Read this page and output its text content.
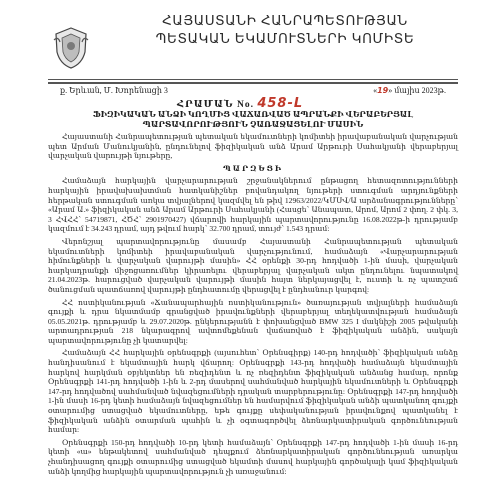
ՀԱՅԱՍՏԱՆԻ ՀԱՆՐԱՊԵՏՈՒԹՅԱՆ
ՊԵՏԱԿԱՆ ԵԿԱՄՈՒՏՆԵՐԻ ԿՈՄԻՏԵ
ք. Երևան, Մ. Խորենացի 3	«19» մայիս 2023թ.
ՀՐԱՄԱՆ No. 458-Լ
ՖԻԶԻԿԱԿԱՆ ԱՆՁԻ ԿՈՂՄԻՑ ՎԱՃԱՌՎԱԾ ԱՊՐԱՆՔԻ ՎԵՐԱԲԵՐՅԱԼ
ՊԱՐՏԱՎՈՐՈՒԹՅՈՒՆ ՉԱՌԱՋԱՑԵԼՈՒ ՄԱՍԻՆ

Հայաստանի Հանրապետության պետական եկամուտների կոմիտեի իրավաբանական վարչության պետ Արման Մանուկյանին, ընդունելով ֆիզիկական անձ Արամ Արթուրի Սահակյանի վերաբերյալ վարչական վարույթի նյութերը,

ՊԱՐԶԵՑԻ

Համաձայն հարկային վարչարարության շրջանակներում ընթացող հետազոտությունների հարկային իրավախախտման հատկանիշներ բովանդակող նյութերի ստուգման արդյունքների հերթական ստուգման առկա տվյալներով կազմվել են թիվ 12963/2022/ԿՄՍՎ/Ա արձանագրությունները՝ «Արամ Ա.» ֆիզիկական անձ Արամ Արթուրի Սահակյանի (Հասցե՝ Անապատ, Արոմ, Արոմ 2 փող. 2 փկ. 3, 3 ՀՎՀՀ՝ 54719871, ՀԾՀ՝ 2901970427) վճարովի հարկային պարտավորությունը 16.08.2022թ-ի դրությամբ կազմում է 34.243 դրամ, այդ թվում հարկ՝ 32.700 դրամ, տույժ՝ 1.543 դրամ:

Վերոնշյալ պարտավորությունը մասամբ Հայաստանի Հանրապետության պետական եկամուտների կոմիտեի իրավաբանական վարչությունում, համաձայն «Վարչարարության հիմունքների և վարչական վարույթի մասին» ՀՀ օրենքի 30-րդ հոդվածի 1-ին մասի, վարչական հարկադրանքի միջոցառումներ կիրառելու վերաբերյալ վարչական ակտ ընդունելու նպատակով 21.04.2023թ. հարուցված վարչական վարույթի մասին հայտ ներկայացվել է, ուստի և ոչ պատշաճ ծանուցման պատճառով վարույթի ընդհատումը վերացվել է ընդհանուր կարգով:

ՀՀ ոստիկանության «Ճանապարհային ոստիկանություն» ծառայության տվյալների համաձայն գույքի և դրա նկատմամբ գրանցված իրավունքների վերաբերյալ տեղեկատվության համաձայն 05.05.2021թ. դրությամբ և 29.07.2020թ. ընկերությանն է փոխանցված BMW 325 I մակնիշի 2005 թվականի արտադրության 218 նկարագրով ավտոմեքենան վաճառված է ֆիզիկական անձին, սակայն պարտավորությունը չի կատարվել:

Համաձայն ՀՀ հարկային օրենսգրքի (այսուհետ՝ Օրենսգիրք) 140-րդ հոդվածի՝ ֆիզիկական անձը հանդիսանում է եկամտային հարկ վճարող: Օրենսգրքի 143-րդ հոդվածի համաձայն եկամտային հարկով հարկման օբյեկտներ են ռեզիդենտ և ոչ ռեզիդենտ ֆիզիկական անձանց համար, որոնք Օրենսգրքի 141-րդ հոդվածի 1-ին և 2-րդ մասերով սահմանված հարկային եկամուտների և Օրենսգրքի 147-րդ հոդվածով սահմանված նվազեցումների դրական տարբերությունը: Օրենսգրքի 147-րդ հոդվածի 1-ին մասի 16-րդ կետի համաձայն նվազեցումներ են համարվում ֆիզիկական անձի պատկանող գույքի օտարումից ստացված եկամուտները, եթե գույքը սեփականության իրավունքով պատկանել է ֆիզիկական անձին օտարման պահին և չի օգտագործվել ձեռնարկատիրական գործունեության համար:

Օրենսգրքի 150-րդ հոդվածի 10-րդ կետի համաձայն՝ Օրենսգրքի 147-րդ հոդվածի 1-ին մասի 16-րդ կետի «ա» ենթակետով սահմանված դեպքում ձեռնարկատիրական գործունեության առարկա չհանդիսացող գույքի օտարումից ստացված եկամտի մասով հարկային գործակալի կամ ֆիզիկական անձի կողմից հարկային պարտավորություն չի առաջանում:
